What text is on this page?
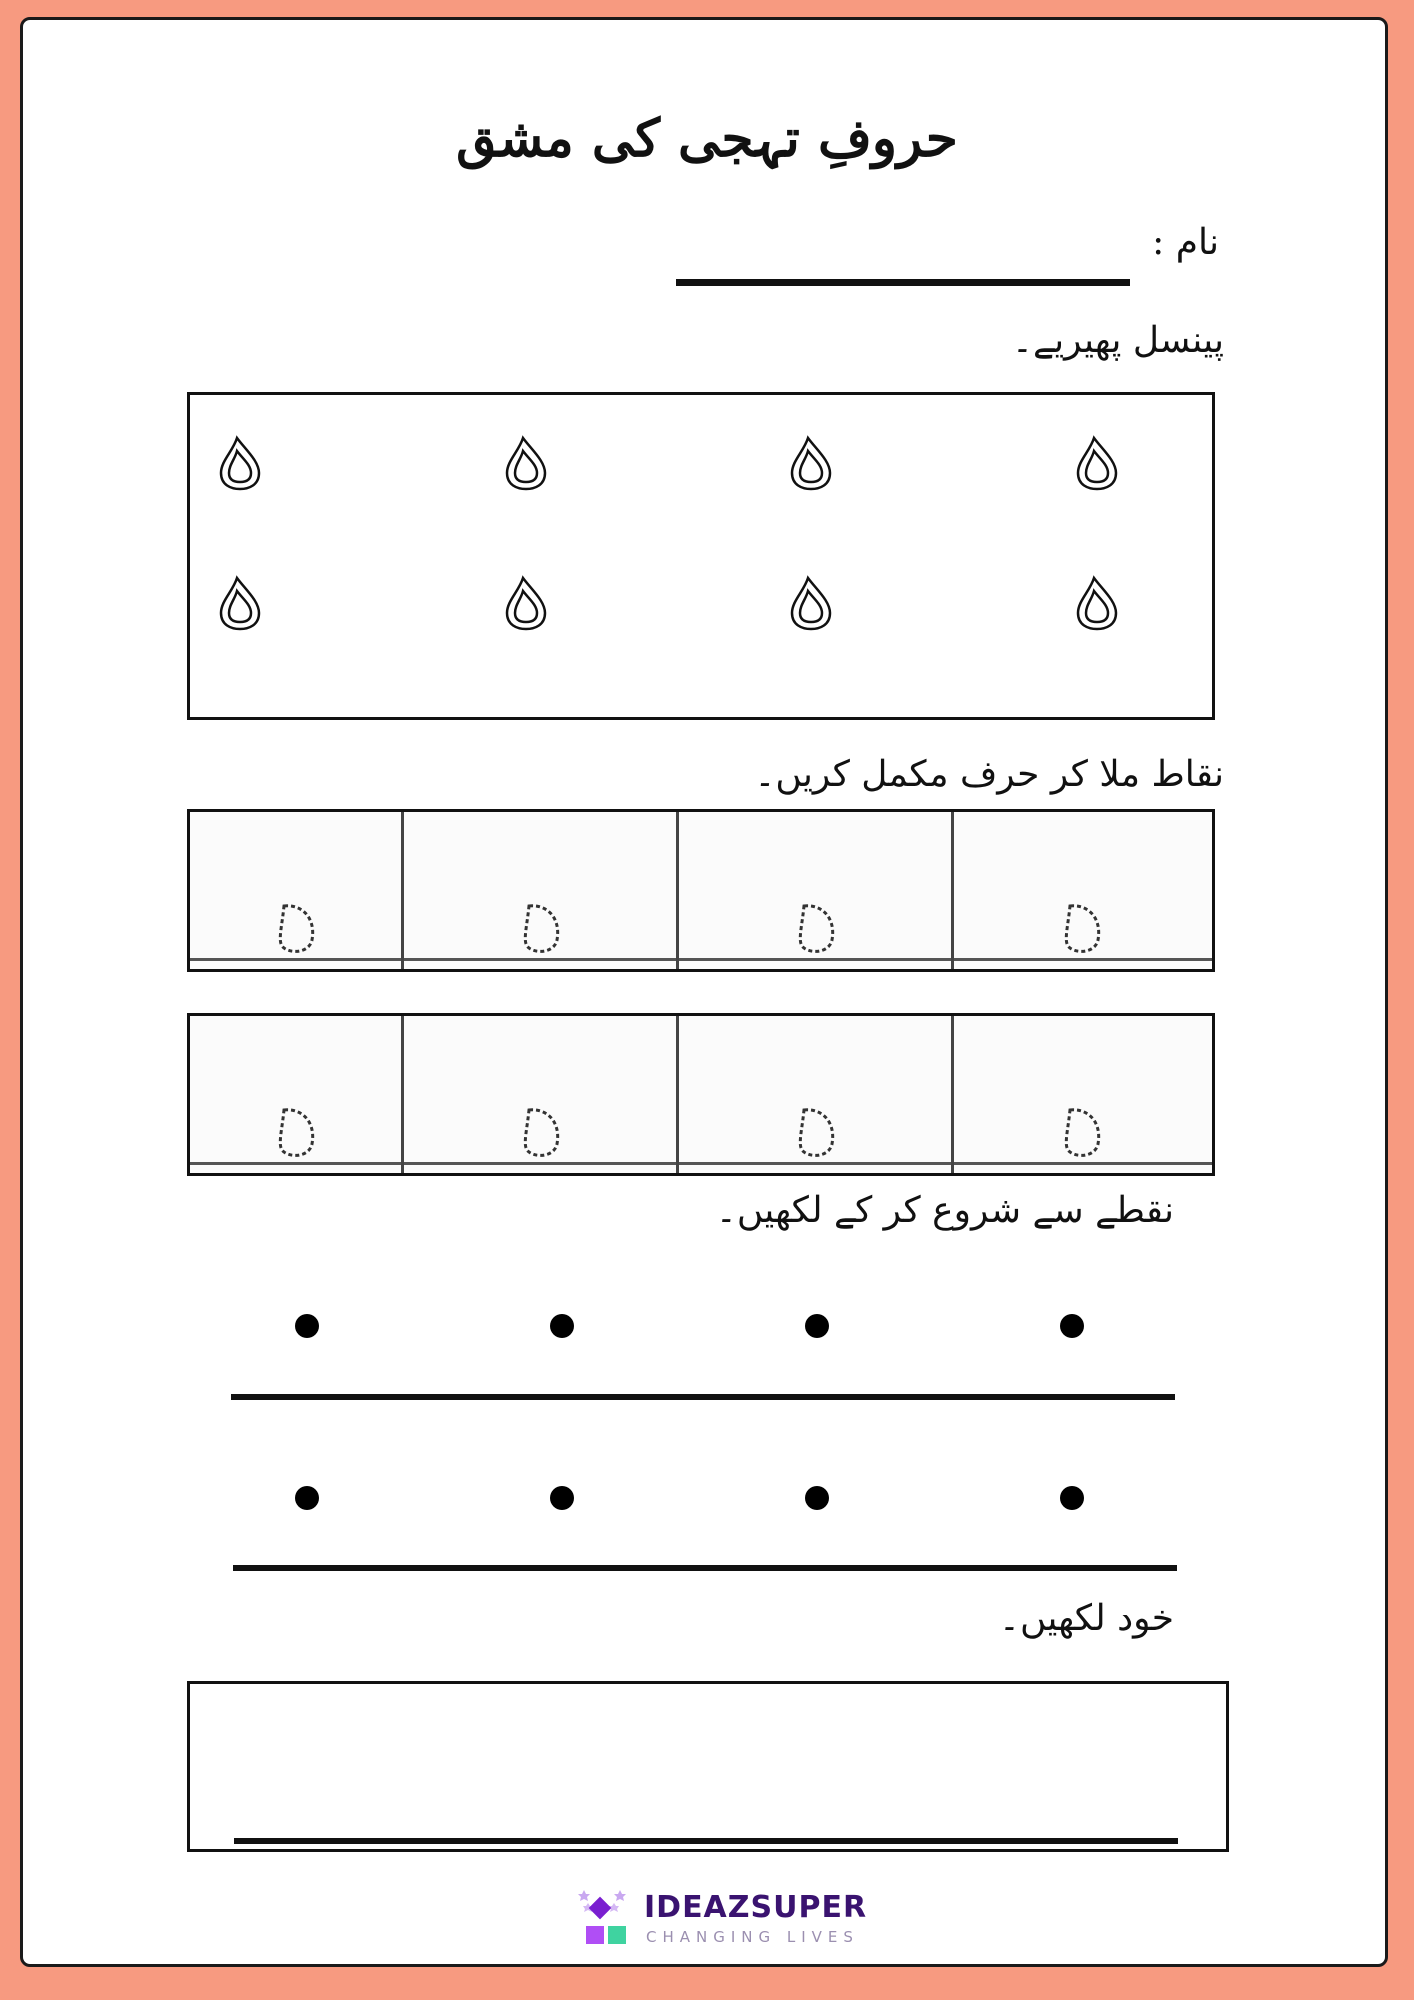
حروفِ تہجی کی مشق
نام :
پینسل پھیریے۔
نقاط ملا کر حرف مکمل کریں۔
نقطے سے شروع کر کے لکھیں۔
خود لکھیں۔
IDEAZSUPER
CHANGING LIVES
